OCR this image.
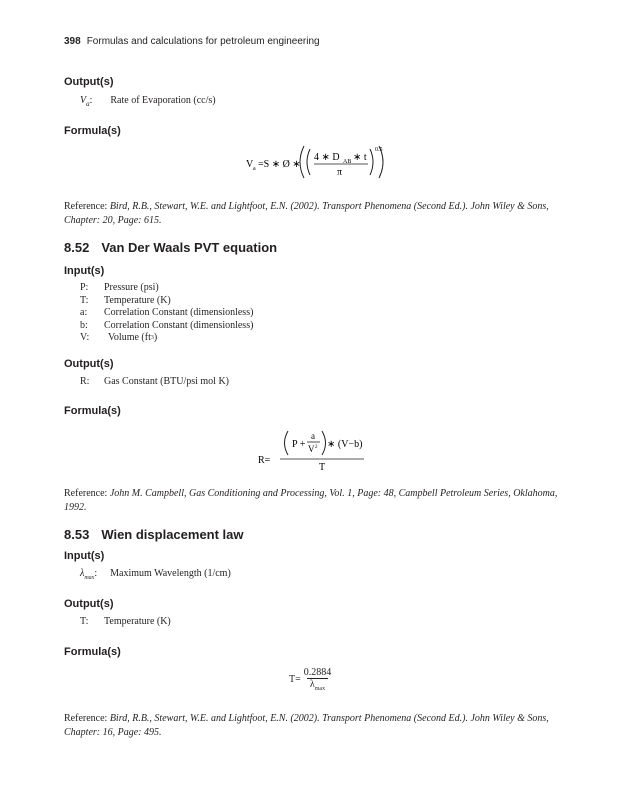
398 Formulas and calculations for petroleum engineering
Output(s)
$V_a$: Rate of Evaporation (cc/s)
Formula(s)
V a =S ∗ Ø ∗
4 ∗ D AB ∗ t
π
0.5
Reference: Bird, R.B., Stewart, W.E. and Lightfoot, E.N. (2002). Transport Phenomena (Second Ed.). John Wiley & Sons, Chapter: 20, Page: 615.
8.52 Van Der Waals PVT equation
Input(s)
P:	Pressure (psi)
T:	Temperature (K)
a:	Correlation Constant (dimensionless)
b:	Correlation Constant (dimensionless)
V:	Volume (ft 3 )
Output(s)
R:	Gas Constant (BTU/psi mol K)
Formula(s)
R=
P +
a
V 2 ∗ (V−b)
T
Reference: John M. Campbell, Gas Conditioning and Processing, Vol. 1, Page: 48, Campbell Petroleum Series, Oklahoma, 1992.
8.53 Wien displacement law
Input(s)
$\lambda_{max}$: Maximum Wavelength (1/cm)
Output(s)
T:	Temperature (K)
Formula(s)
$T= \frac{0.2884}{\lambda_{max}}$
Reference: Bird, R.B., Stewart, W.E. and Lightfoot, E.N. (2002). Transport Phenomena (Second Ed.). John Wiley & Sons, Chapter: 16, Page: 495.
